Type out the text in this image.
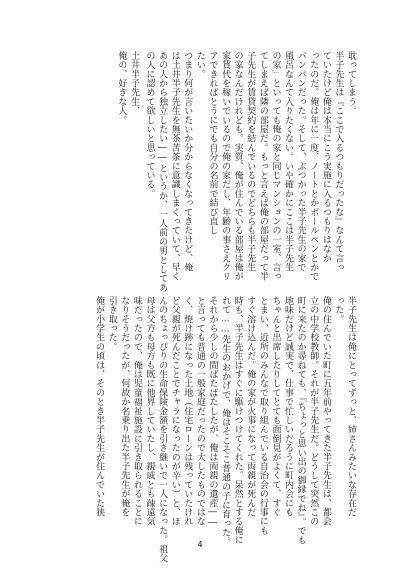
耽ってしまう。
半子先生は『ここで入るつもりだったな』なんて言っ
ていたけど俺は本当にこう実施に入るつもりはなか
ったのだ。俺は年に一度、ノートとかボールペンとかで
パンパンだった。そして、ぶつかった半子先生の家で
風呂なんて入りたくない。いや確かにここは半子先生
の家」といっても俺の家と同じマンションの一室、言っ
てしまえば隣の部屋だ。もっと言えば俺の部屋だって半
子先生が賃貸契約を結んでいるのでどちらも半子先生
の家なんだけれども。実質、俺が住んでいる部屋は俺が
家賃代を稼いでいるので俺の家だし、年齢の事さえクリ
アできればとうにでも自分の名前で結び直し
たい。
つまり何が言いたいか分からなくなってきたけど、俺
は土井半子先生を無茶苦茶に意識しまくっていて、早く
あの人から独立したい――というか、一人前の男としてあ
の人に認めて欲しいと思っている。
土井半子先生、
俺の、好きな人。
半子先生は俺にとってずっと、姉さんみたいな存在だ
った。
俺の住んでいた町に五年前やってきた半子先生は、都会
立の中学校教師。それが半子先生だ。どうして突然この
町に来たのか尋ねても、『ちょっと思い出の御縁でね』。でも
地味だけど誠実で、仕事で忙しいだろうに町内会にも
ちゃんと出席したりしてとても面倒見がよくて、すぐ
とまい、近所のみんなで取り組んでいる自治会の行事にも
すぐ溶け込んだ。俺の家が火事になって両親が死んだ
時も、半子先生はすぐに駆けつけてくれた。呆然とする俺に
れて……先生のおかげで、俺はそこそこ普通の子に育った。
それから少しの間ばたばたしたが、俺は両親の遺産――
と言っても普通の一般家庭だったので大したものではな
く、焼け跡になった土地（住宅ローンは残っていたけれ
ど父親が死んだことでチャラになったのが辛い）と、ほ
んのちょっぴりの生命保険金額を引き継いで一人になった。祖父
母は父方も母方も既に他界していたし、親戚とも疎遠気
味だったので、俺は児童福祉施設に引き取られることに
なりそうだったが、何故か名乗り出た半子先生が俺を
引き取った。
俺が小学生の頃は、そのとき半子先生が住んでいた狭
4
